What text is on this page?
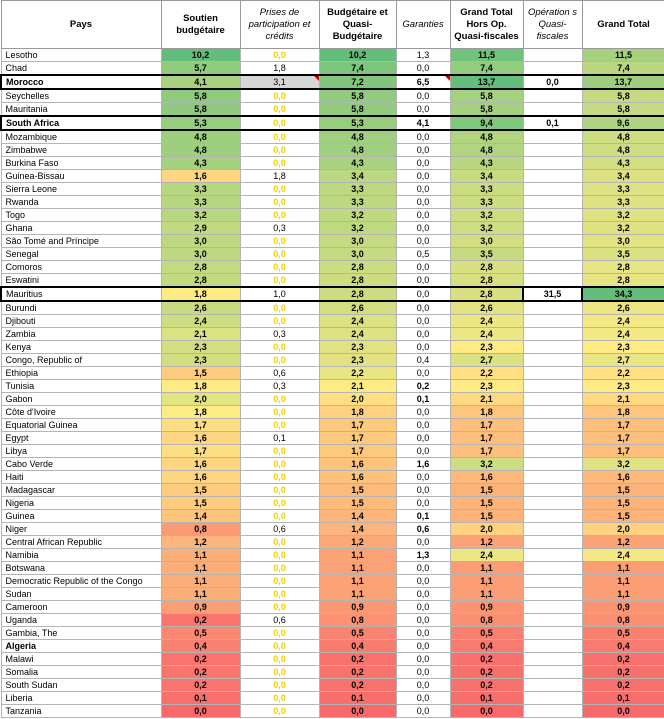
Pays	Soutien budgétaire	Prises de participation et crédits	Budgétaire et Quasi-Budgétaire	Garanties	Grand Total Hors Op. Quasi-fiscales	Opération s Quasi-fiscales	Grand Total
Lesotho	10,2	0,0	10,2	1,3	11,5		11,5
Chad	5,7	1,8	7,4	0,0	7,4		7,4
Morocco	4,1	3,1	7,2	6,5	13,7	0,0	13,7
Seychelles	5,8	0,0	5,8	0,0	5,8		5,8
Mauritania	5,8	0,0	5,8	0,0	5,8		5,8
South Africa	5,3	0,0	5,3	4,1	9,4	0,1	9,6
Mozambique	4,8	0,0	4,8	0,0	4,8		4,8
Zimbabwe	4,8	0,0	4,8	0,0	4,8		4,8
Burkina Faso	4,3	0,0	4,3	0,0	4,3		4,3
Guinea-Bissau	1,6	1,8	3,4	0,0	3,4		3,4
Sierra Leone	3,3	0,0	3,3	0,0	3,3		3,3
Rwanda	3,3	0,0	3,3	0,0	3,3		3,3
Togo	3,2	0,0	3,2	0,0	3,2		3,2
Ghana	2,9	0,3	3,2	0,0	3,2		3,2
São Tomé and Príncipe	3,0	0,0	3,0	0,0	3,0		3,0
Senegal	3,0	0,0	3,0	0,5	3,5		3,5
Comoros	2,8	0,0	2,8	0,0	2,8		2,8
Eswatini	2,8	0,0	2,8	0,0	2,8		2,8
Mauritius	1,8	1,0	2,8	0,0	2,8	31,5	34,3
Burundi	2,6	0,0	2,6	0,0	2,6		2,6
Djibouti	2,4	0,0	2,4	0,0	2,4		2,4
Zambia	2,1	0,3	2,4	0,0	2,4		2,4
Kenya	2,3	0,0	2,3	0,0	2,3		2,3
Congo, Republic of	2,3	0,0	2,3	0,4	2,7		2,7
Ethiopia	1,5	0,6	2,2	0,0	2,2		2,2
Tunisia	1,8	0,3	2,1	0,2	2,3		2,3
Gabon	2,0	0,0	2,0	0,1	2,1		2,1
Côte d'Ivoire	1,8	0,0	1,8	0,0	1,8		1,8
Equatorial Guinea	1,7	0,0	1,7	0,0	1,7		1,7
Egypt	1,6	0,1	1,7	0,0	1,7		1,7
Libya	1,7	0,0	1,7	0,0	1,7		1,7
Cabo Verde	1,6	0,0	1,6	1,6	3,2		3,2
Haiti	1,6	0,0	1,6	0,0	1,6		1,6
Madagascar	1,5	0,0	1,5	0,0	1,5		1,5
Nigeria	1,5	0,0	1,5	0,0	1,5		1,5
Guinea	1,4	0,0	1,4	0,1	1,5		1,5
Niger	0,8	0,6	1,4	0,6	2,0		2,0
Central African Republic	1,2	0,0	1,2	0,0	1,2		1,2
Namibia	1,1	0,0	1,1	1,3	2,4		2,4
Botswana	1,1	0,0	1,1	0,0	1,1		1,1
Democratic Republic of the Congo	1,1	0,0	1,1	0,0	1,1		1,1
Sudan	1,1	0,0	1,1	0,0	1,1		1,1
Cameroon	0,9	0,0	0,9	0,0	0,9		0,9
Uganda	0,2	0,6	0,8	0,0	0,8		0,8
Gambia, The	0,5	0,0	0,5	0,0	0,5		0,5
Algeria	0,4	0,0	0,4	0,0	0,4		0,4
Malawi	0,2	0,0	0,2	0,0	0,2		0,2
Somalia	0,2	0,0	0,2	0,0	0,2		0,2
South Sudan	0,2	0,0	0,2	0,0	0,2		0,2
Liberia	0,1	0,0	0,1	0,0	0,1		0,1
Tanzania	0,0	0,0	0,0	0,0	0,0		0,0
